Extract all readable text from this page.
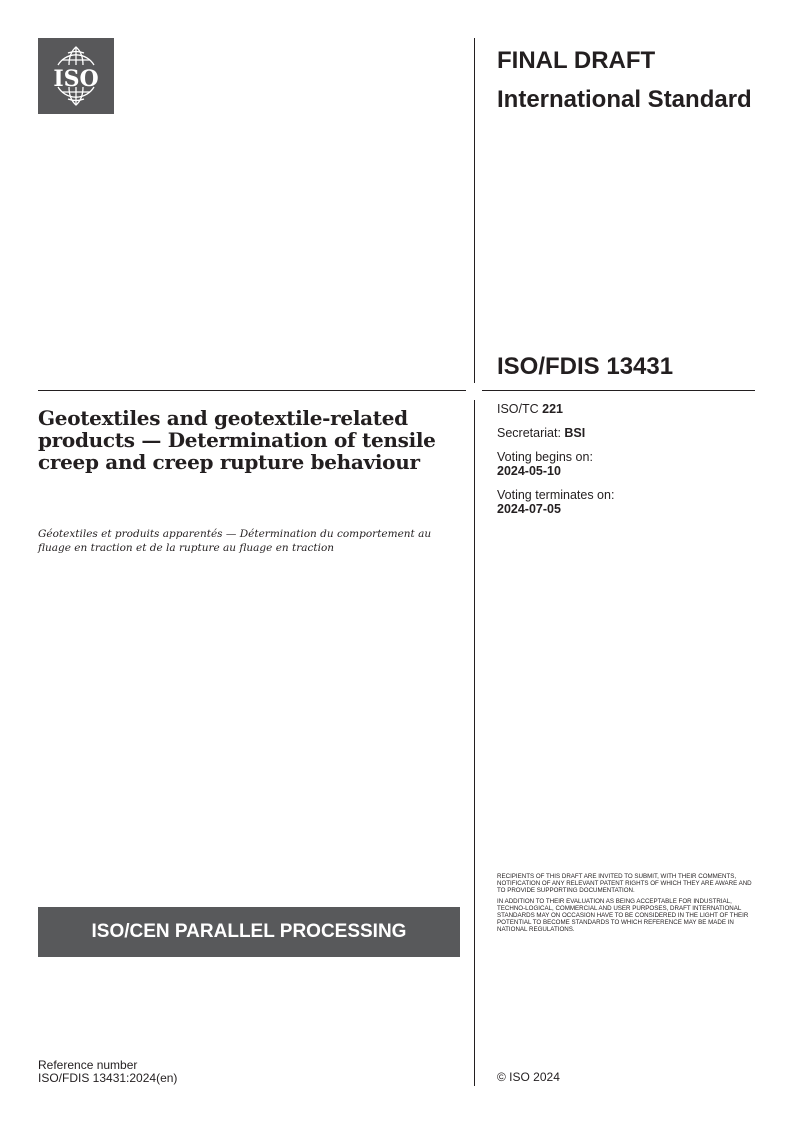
ISO
FINAL DRAFT
International Standard
ISO/FDIS 13431
Geotextiles and geotextile-related products — Determination of tensile creep and creep rupture behaviour
Géotextiles et produits apparentés — Détermination du comportement au fluage en traction et de la rupture au fluage en traction
ISO/TC 221
Secretariat: BSI
Voting begins on:
2024-05-10
Voting terminates on:
2024-07-05

RECIPIENTS OF THIS DRAFT ARE INVITED TO SUBMIT, WITH THEIR COMMENTS, NOTIFICATION OF ANY RELEVANT PATENT RIGHTS OF WHICH THEY ARE AWARE AND TO PROVIDE SUPPORTING DOCUMENTATION.

IN ADDITION TO THEIR EVALUATION AS BEING ACCEPTABLE FOR INDUSTRIAL, TECHNO-LOGICAL, COMMERCIAL AND USER PURPOSES, DRAFT INTERNATIONAL STANDARDS MAY ON OCCASION HAVE TO BE CONSIDERED IN THE LIGHT OF THEIR POTENTIAL TO BECOME STANDARDS TO WHICH REFERENCE MAY BE MADE IN NATIONAL REGULATIONS.

ISO/CEN PARALLEL PROCESSING
Reference number
ISO/FDIS 13431:2024(en)	© ISO 2024
